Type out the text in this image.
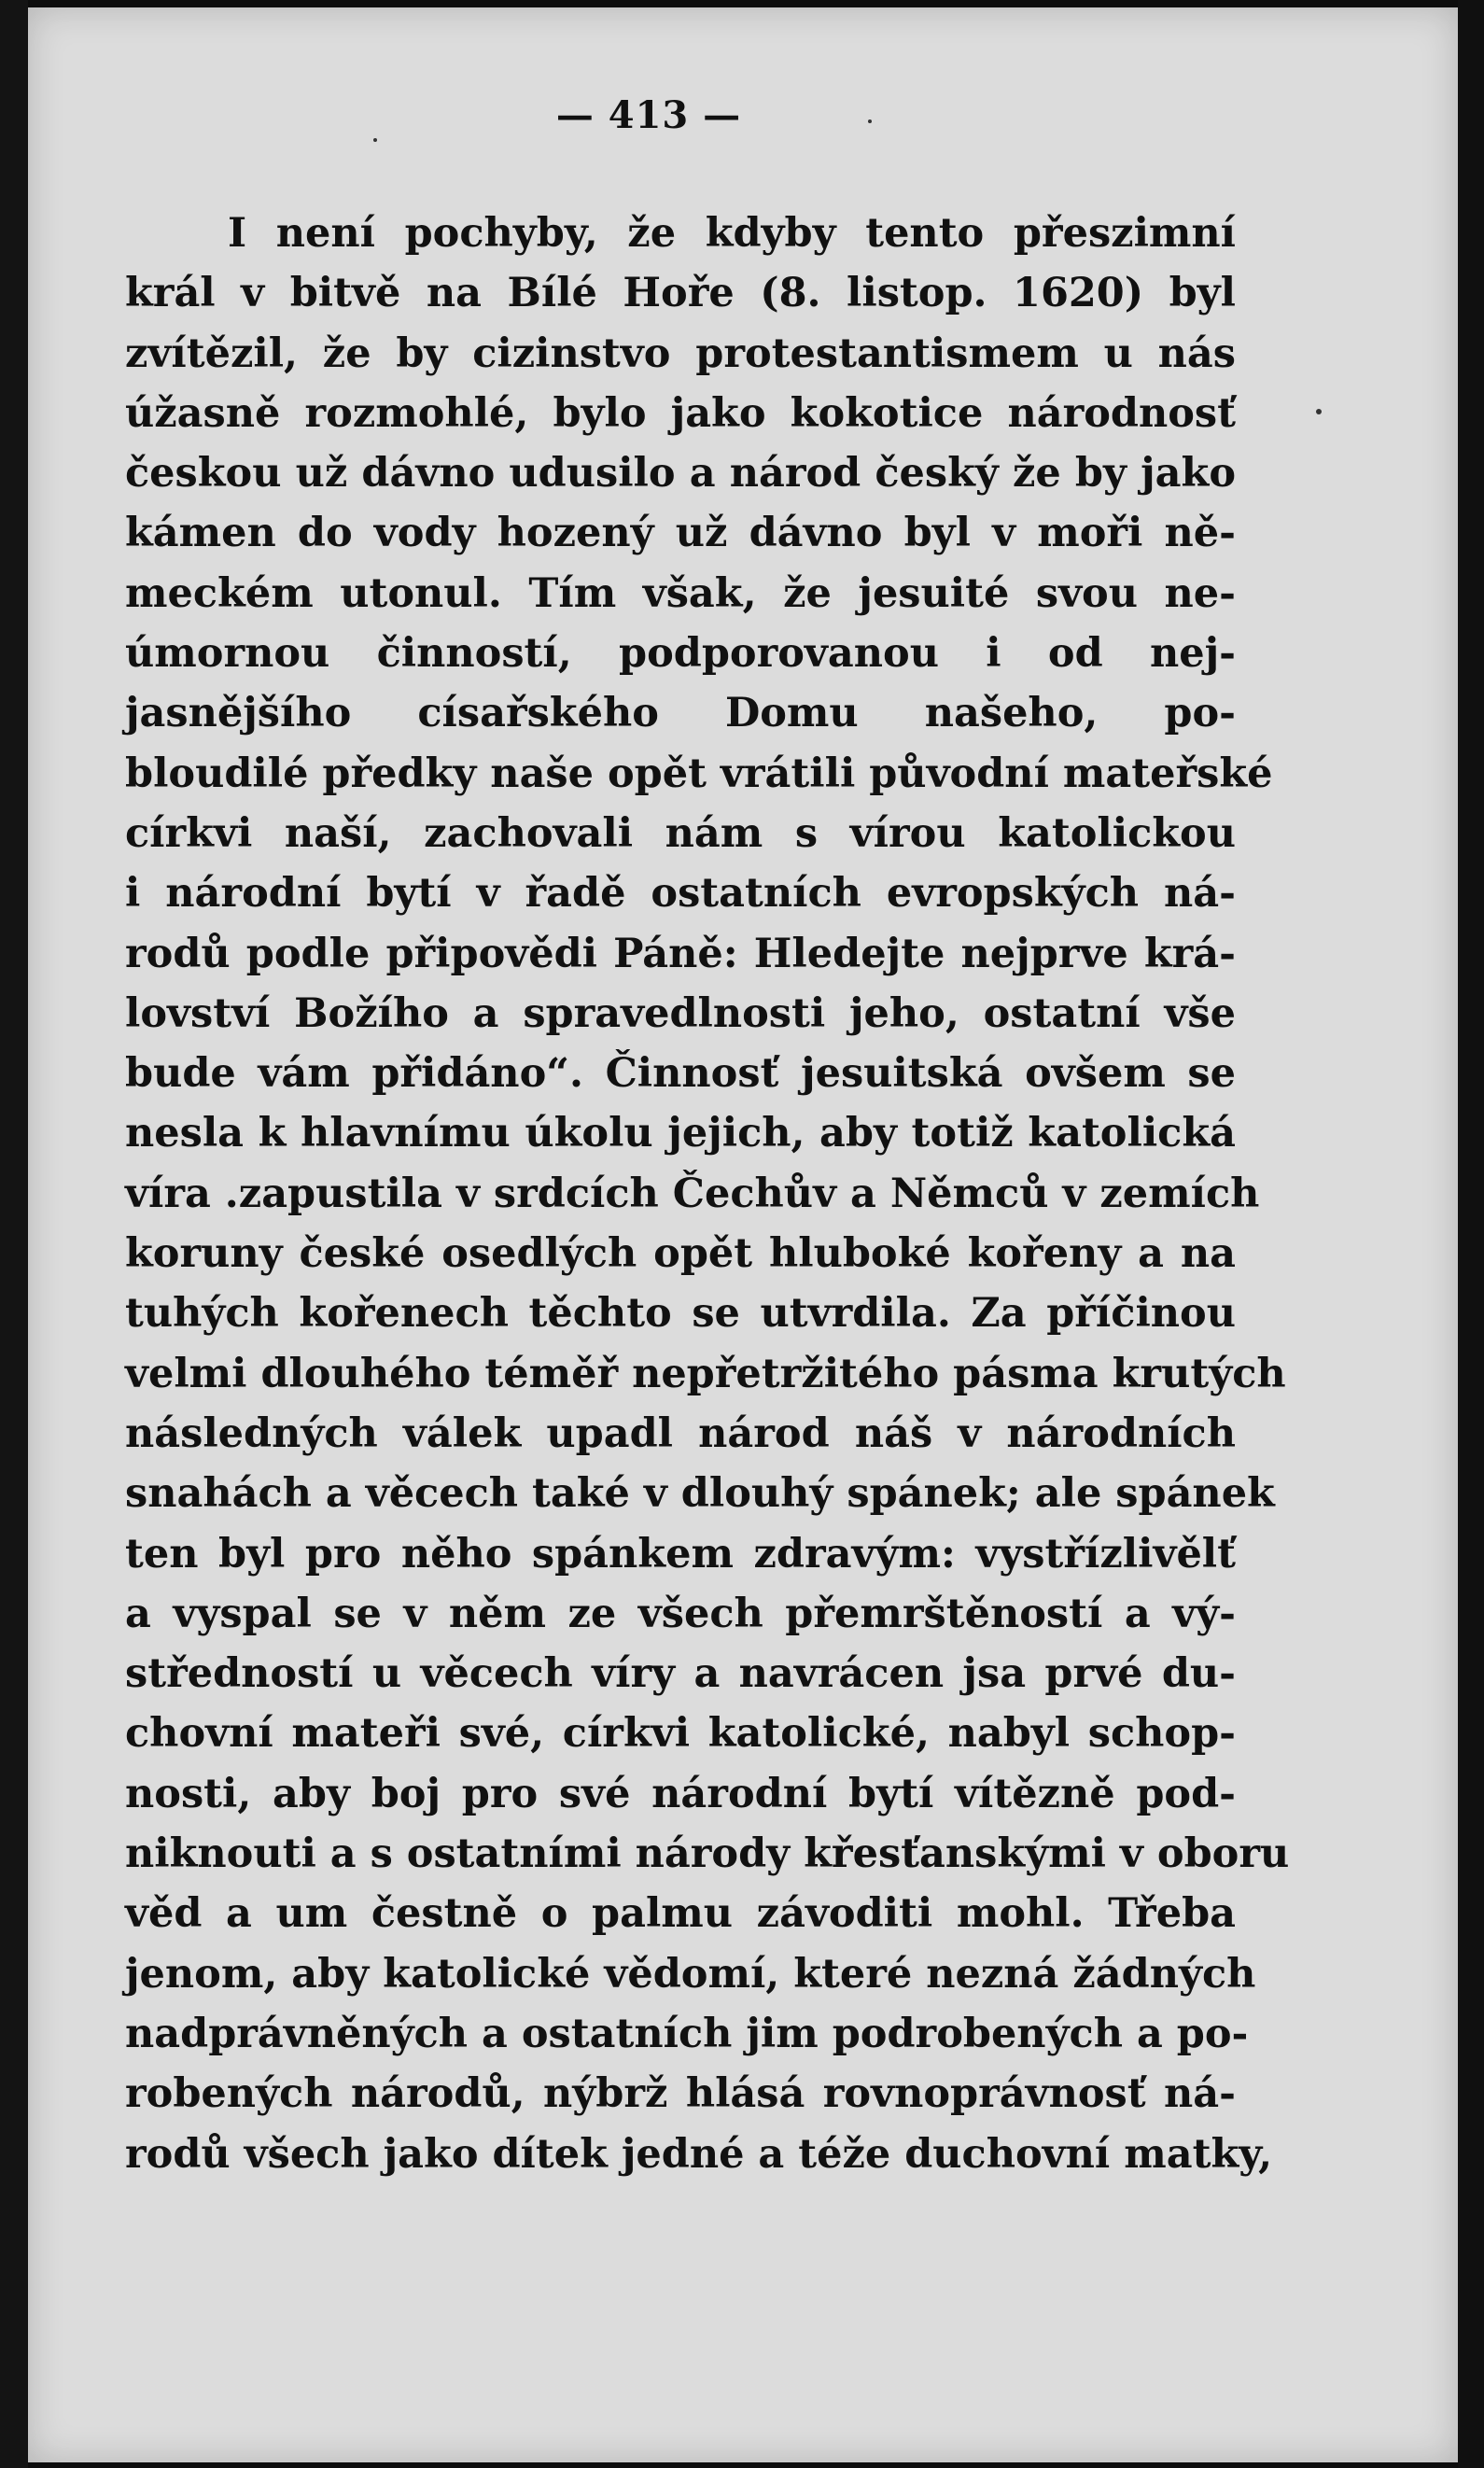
— 413 —
I není pochyby, že kdyby tento přeszimní
král v bitvě na Bílé Hoře (8. listop. 1620) byl
zvítězil, že by cizinstvo protestantismem u nás
úžasně rozmohlé, bylo jako kokotice národnosť
českou už dávno udusilo a národ český že by jako
kámen do vody hozený už dávno byl v moři ně-
meckém utonul. Tím však, že jesuité svou ne-
úmornou činností, podporovanou i od nej-
jasnějšího císařského Domu našeho, po-
bloudilé předky naše opět vrátili původní mateřské
církvi naší, zachovali nám s vírou katolickou
i národní bytí v řadě ostatních evropských ná-
rodů podle připovědi Páně: Hledejte nejprve krá-
lovství Božího a spravedlnosti jeho, ostatní vše
bude vám přidáno“. Činnosť jesuitská ovšem se
nesla k hlavnímu úkolu jejich, aby totiž katolická
víra .zapustila v srdcích Čechův a Němců v zemích
koruny české osedlých opět hluboké kořeny a na
tuhých kořenech těchto se utvrdila. Za příčinou
velmi dlouhého téměř nepřetržitého pásma krutých
následných válek upadl národ náš v národních
snahách a věcech také v dlouhý spánek; ale spánek
ten byl pro něho spánkem zdravým: vystřízlivělť
a vyspal se v něm ze všech přemrštěností a vý-
středností u věcech víry a navrácen jsa prvé du-
chovní mateři své, církvi katolické, nabyl schop-
nosti, aby boj pro své národní bytí vítězně pod-
niknouti a s ostatními národy křesťanskými v oboru
věd a um čestně o palmu závoditi mohl. Třeba
jenom, aby katolické vědomí, které nezná žádných
nadprávněných a ostatních jim podrobených a po-
robených národů, nýbrž hlásá rovnoprávnosť ná-
rodů všech jako dítek jedné a téže duchovní matky,
